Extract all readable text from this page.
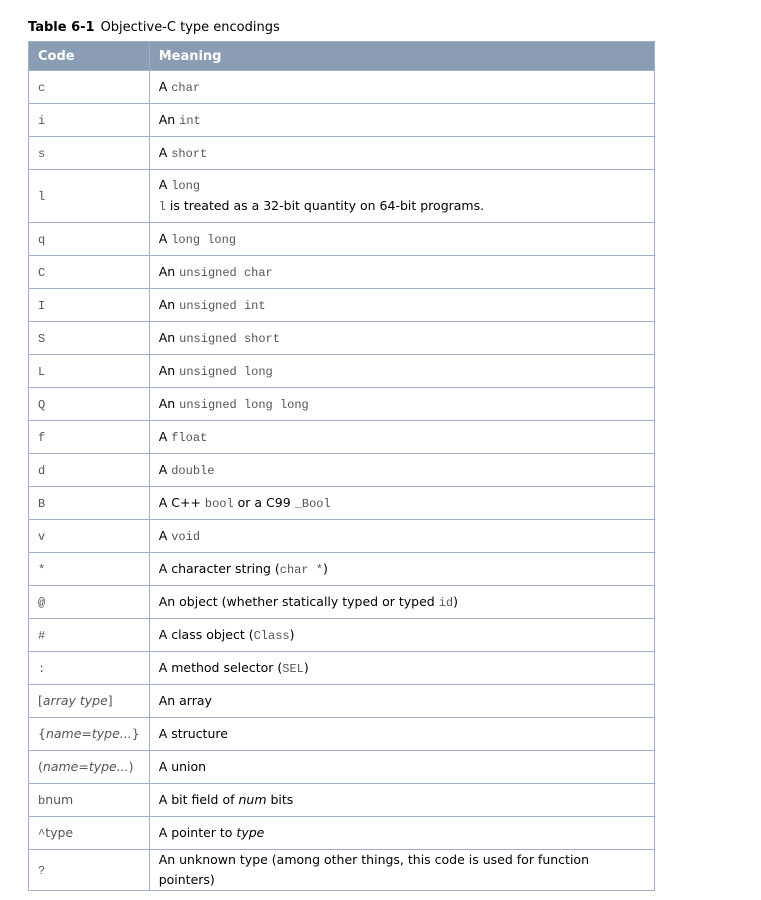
Table 6-1 Objective-C type encodings
Code	Meaning
c	A char

i	An int

s	A short

l	A long
l is treated as a 32-bit quantity on 64-bit programs.

q	A long long

C	An unsigned char

I	An unsigned int

S	An unsigned short

L	An unsigned long

Q	An unsigned long long

f	A float

d	A double

B	A C++ bool or a C99 _Bool

v	A void

*	A character string (char *)

@	An object (whether statically typed or typed id)

#	A class object (Class)

:	A method selector (SEL)

[array type]	An array

{name=type...}	A structure

(name=type...)	A union

bnum	A bit field of num bits

^type	A pointer to type

?	An unknown type (among other things, this code is used for function pointers)
